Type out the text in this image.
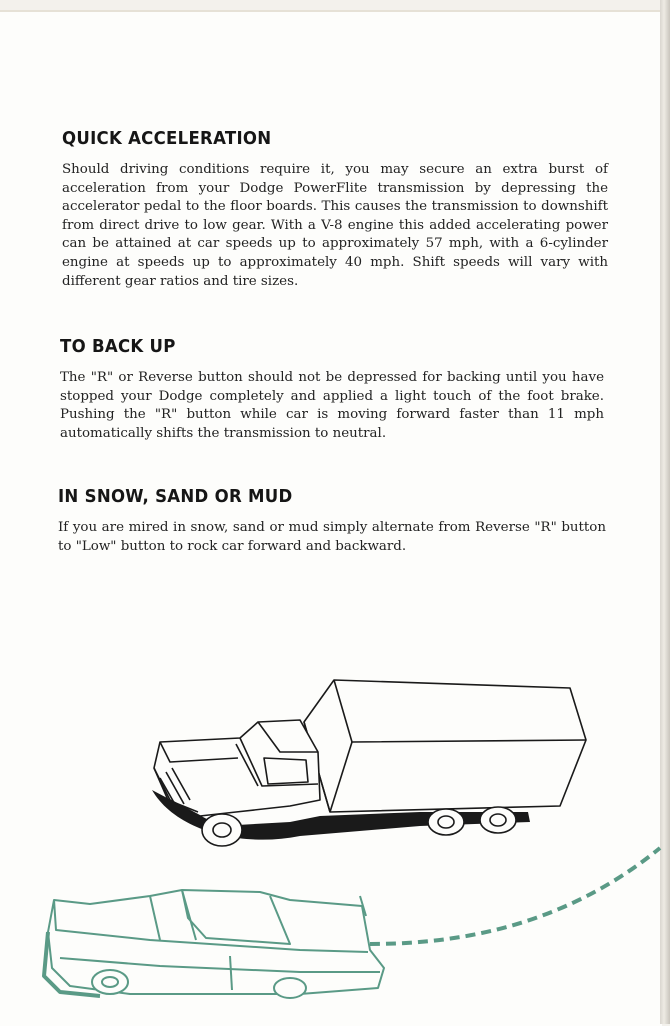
QUICK ACCELERATION

Should driving conditions require it, you may secure an extra burst of acceleration from your Dodge PowerFlite transmission by depressing the accelerator pedal to the floor boards. This causes the transmission to downshift from direct drive to low gear. With a V-8 engine this added accelerating power can be attained at car speeds up to approximately 57 mph, with a 6-cylinder engine at speeds up to approximately 40 mph. Shift speeds will vary with different gear ratios and tire sizes.

TO BACK UP

The "R" or Reverse button should not be depressed for backing until you have stopped your Dodge completely and applied a light touch of the foot brake. Pushing the "R" button while car is moving forward faster than 11 mph automatically shifts the transmission to neutral.

IN SNOW, SAND OR MUD

If you are mired in snow, sand or mud simply alternate from Reverse "R" button to "Low" button to rock car forward and backward.
